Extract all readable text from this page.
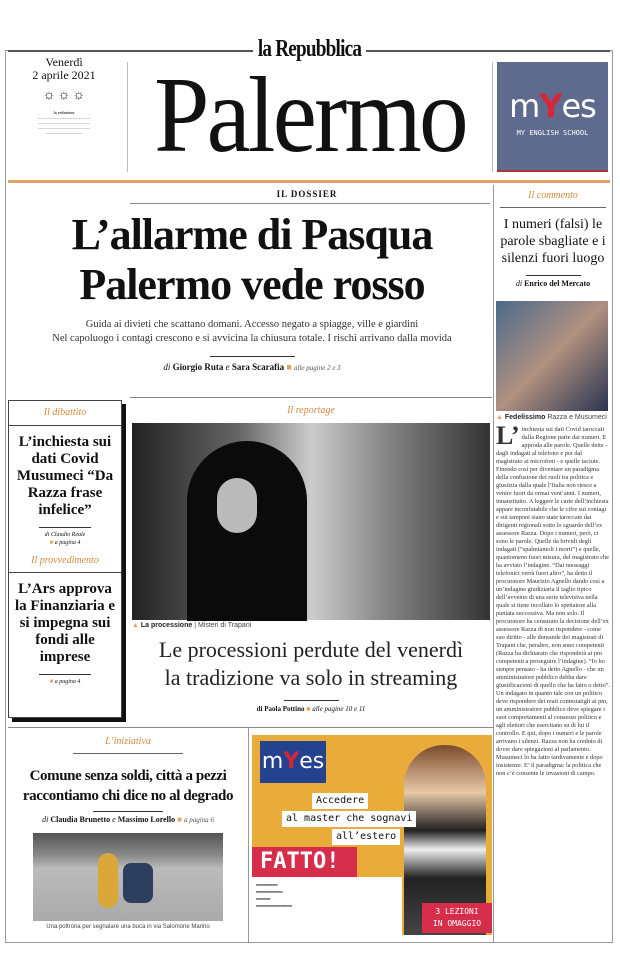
la Repubblica
Venerdì
2 aprile 2021
☼ ☼ ☼
la redazione
—————————————
—————————————
—————————————
————————— Palermo	mYes
MY ENGLISH SCHOOL
IL DOSSIER
L’allarme di Pasqua
Palermo vede rosso
Guida ai divieti che scattano domani. Accesso negato a spiagge, ville e giardini
Nel capoluogo i contagi crescono e si avvicina la chiusura totale. I rischi arrivano dalla movida
di Giorgio Ruta e Sara Scarafia ■ alle pagine 2 e 3
Il dibattito
L’inchiesta sui dati Covid Musumeci “Da Razza frase infelice”
di Claudio Reale
■ a pagina 4
Il provvedimento
L’Ars approva la Finanziaria e si impegna sui fondi alle imprese
■ a pagina 4
Il reportage
▲ La processione | Misteri di Trapani
Le processioni perdute del venerdì
la tradizione va solo in streaming
di Paola Pottino ■ alle pagine 10 e 11
Il commento
I numeri (falsi) le parole sbagliate e i silenzi fuori luogo
di Enrico del Mercato
▲ Fedelissimo Razza e Musumeci
L’inchiesta sui dati Covid taroccati dalla Regione parte dai numeri. E approda alle parole. Quelle dette - dagli indagati al telefono e poi dal magistrato ai microfoni - e quelle taciute. Finendo così per diventare un paradigma della confusione dei ruoli tra politica e giustizia dalla quale l’Italia non riesce a venire fuori da ormai vent’anni. I numeri, innanzitutto. A leggere le carte dell’inchiesta appare inconfutabile che le cifre sui contagi e sui tamponi siano state taroccate dai dirigenti regionali sotto lo sguardo dell’ex assessore Razza. Dopo i numeri, però, ci sono le parole. Quelle da brividi degli indagati (“spalmiamoli i morti”) e quelle, quantomeno fuori misura, del magistrato che ha avviato l’indagine. “Dai messaggi telefonici verrà fuori altro”, ha detto il procuratore Maurizio Agnello dando così a un’indagine giudiziaria il taglio tipico dell’avvento di una serie televisiva nella quale si tiene incollato lo spettatore alla puntata successiva. Ma non solo. Il procuratore ha censurato la decisione dell’ex assessore Razza di non rispondere - come suo diritto - alle domande dei magistrati di Trapani che, peraltro, non sono competenti (Razza ha dichiarato che risponderà ai pm competenti a proseguire l’indagine). “Io ho sempre pensato - ha detto Agnello - che un amministratore pubblico debba dare giustificazioni di quello che ha fatto o detto”. Un indagato in quanto tale con un politico deve rispondere dei reati contestatigli ai pm, un amministratore pubblico deve spiegare i suoi comportamenti al consesso politico e agli elettori che esercitano su di lui il controllo. E qui, dopo i numeri e le parole arrivano i silenzi. Razza non ha creduto di dover dare spiegazioni al parlamento. Musumeci lo ha fatto tardivamente e dopo insistenze. E’ il paradigma: la politica che non c’è consente le invasioni di campo.
L’iniziativa
Comune senza soldi, città a pezzi
raccontiamo chi dice no al degrado
di Claudia Brunetto e Massimo Lorello ■ a pagina 6
Una poltrona per segnalare una buca in via Salomone Marino
mYes
Accedere
al master che sognavi
all’estero
FATTO!
▬▬▬▬▬▬▬▬▬
▬▬▬▬▬▬▬▬▬▬▬
▬▬▬▬▬▬
▬▬▬▬▬▬▬▬▬▬▬▬▬▬▬
3 LEZIONI
IN OMAGGIO
